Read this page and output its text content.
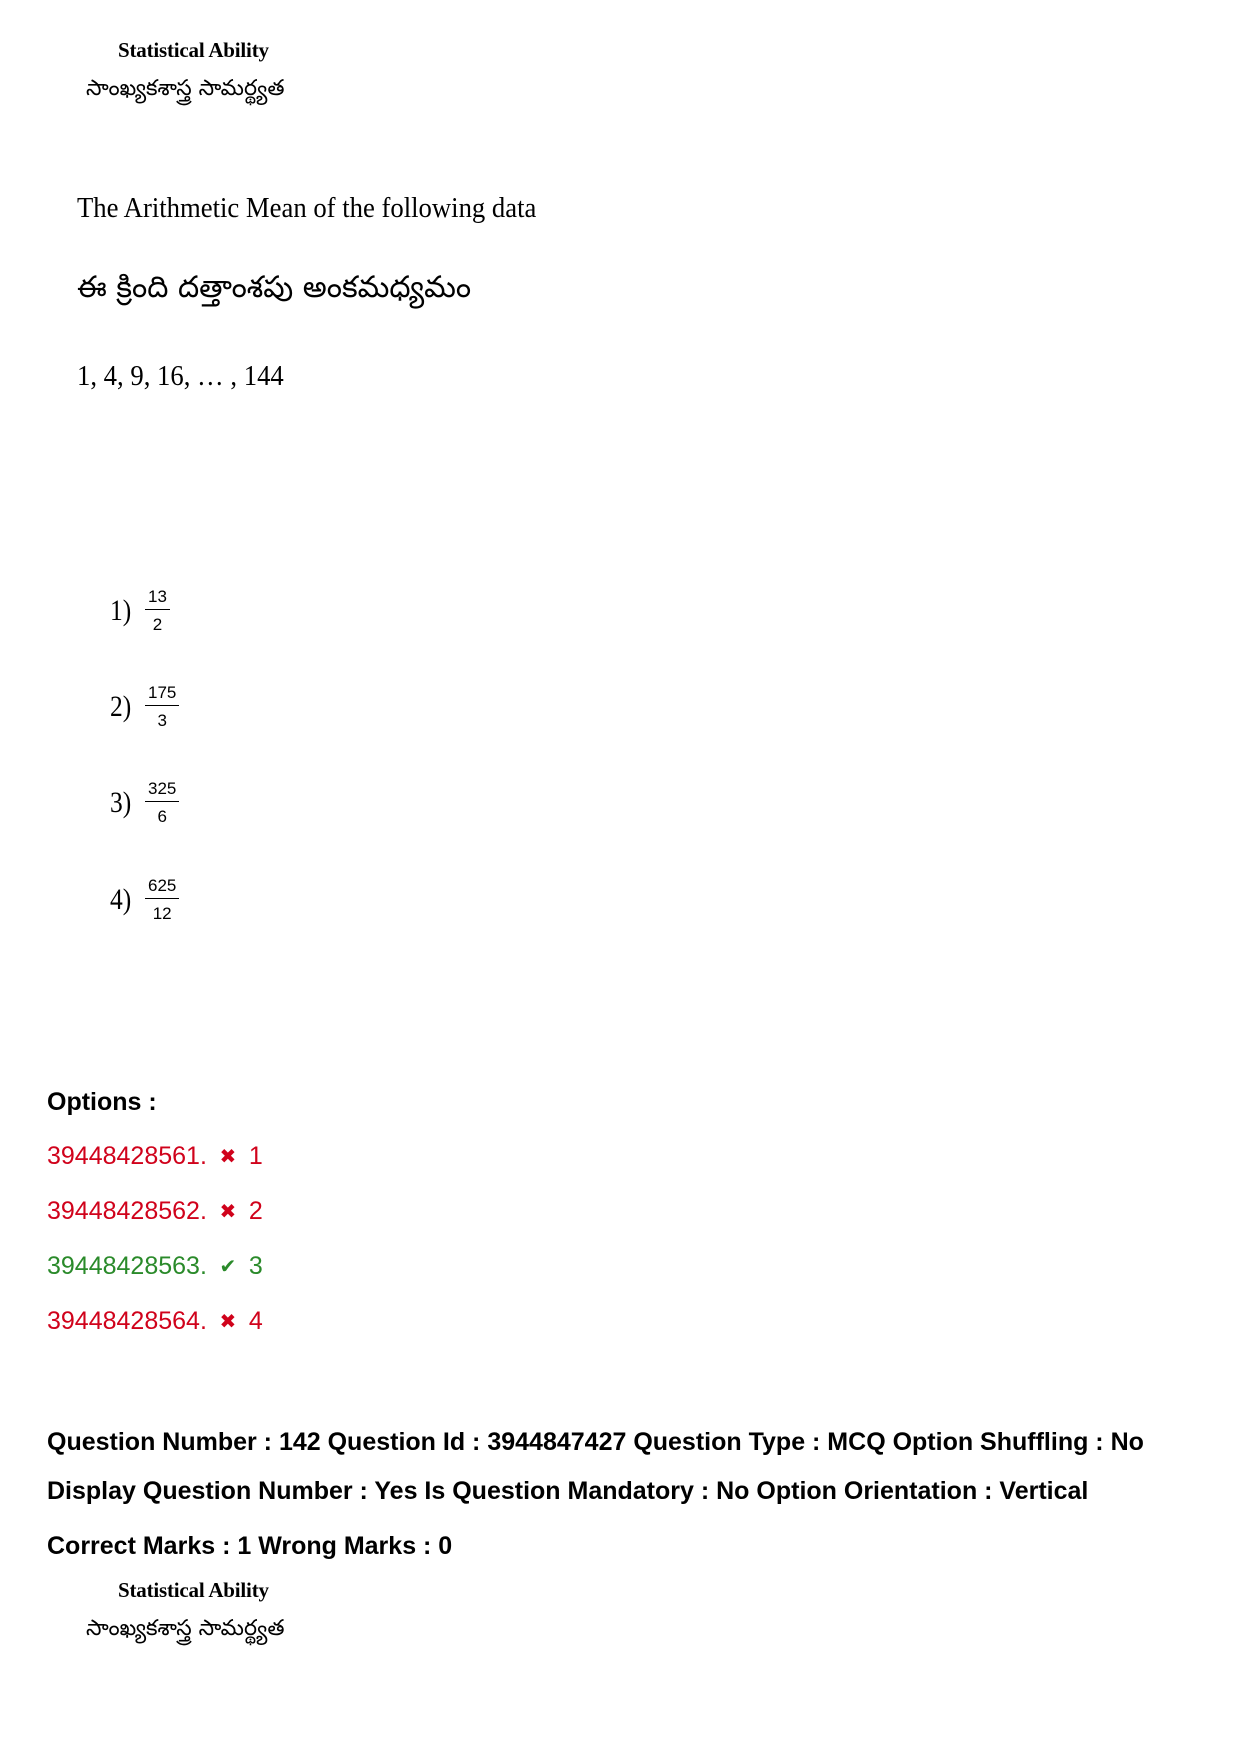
Statistical Ability
సాంఖ్యకశాస్త్ర సామర్థ్యత
The Arithmetic Mean of the following data
ఈ క్రింది దత్తాంశపు అంకమధ్యమం
1, 4, 9, 16, … , 144
$1) \frac{13}{2}$
$2) \frac{175}{3}$
$3) \frac{325}{6}$
$4) \frac{625}{12}$
Options :
39448428561. ✖ 1
39448428562. ✖ 2
39448428563. ✔ 3
39448428564. ✖ 4
Question Number : 142 Question Id : 3944847427 Question Type : MCQ Option Shuffling : No
Display Question Number : Yes Is Question Mandatory : No Option Orientation : Vertical
Correct Marks : 1 Wrong Marks : 0
Statistical Ability
సాంఖ్యకశాస్త్ర సామర్థ్యత
